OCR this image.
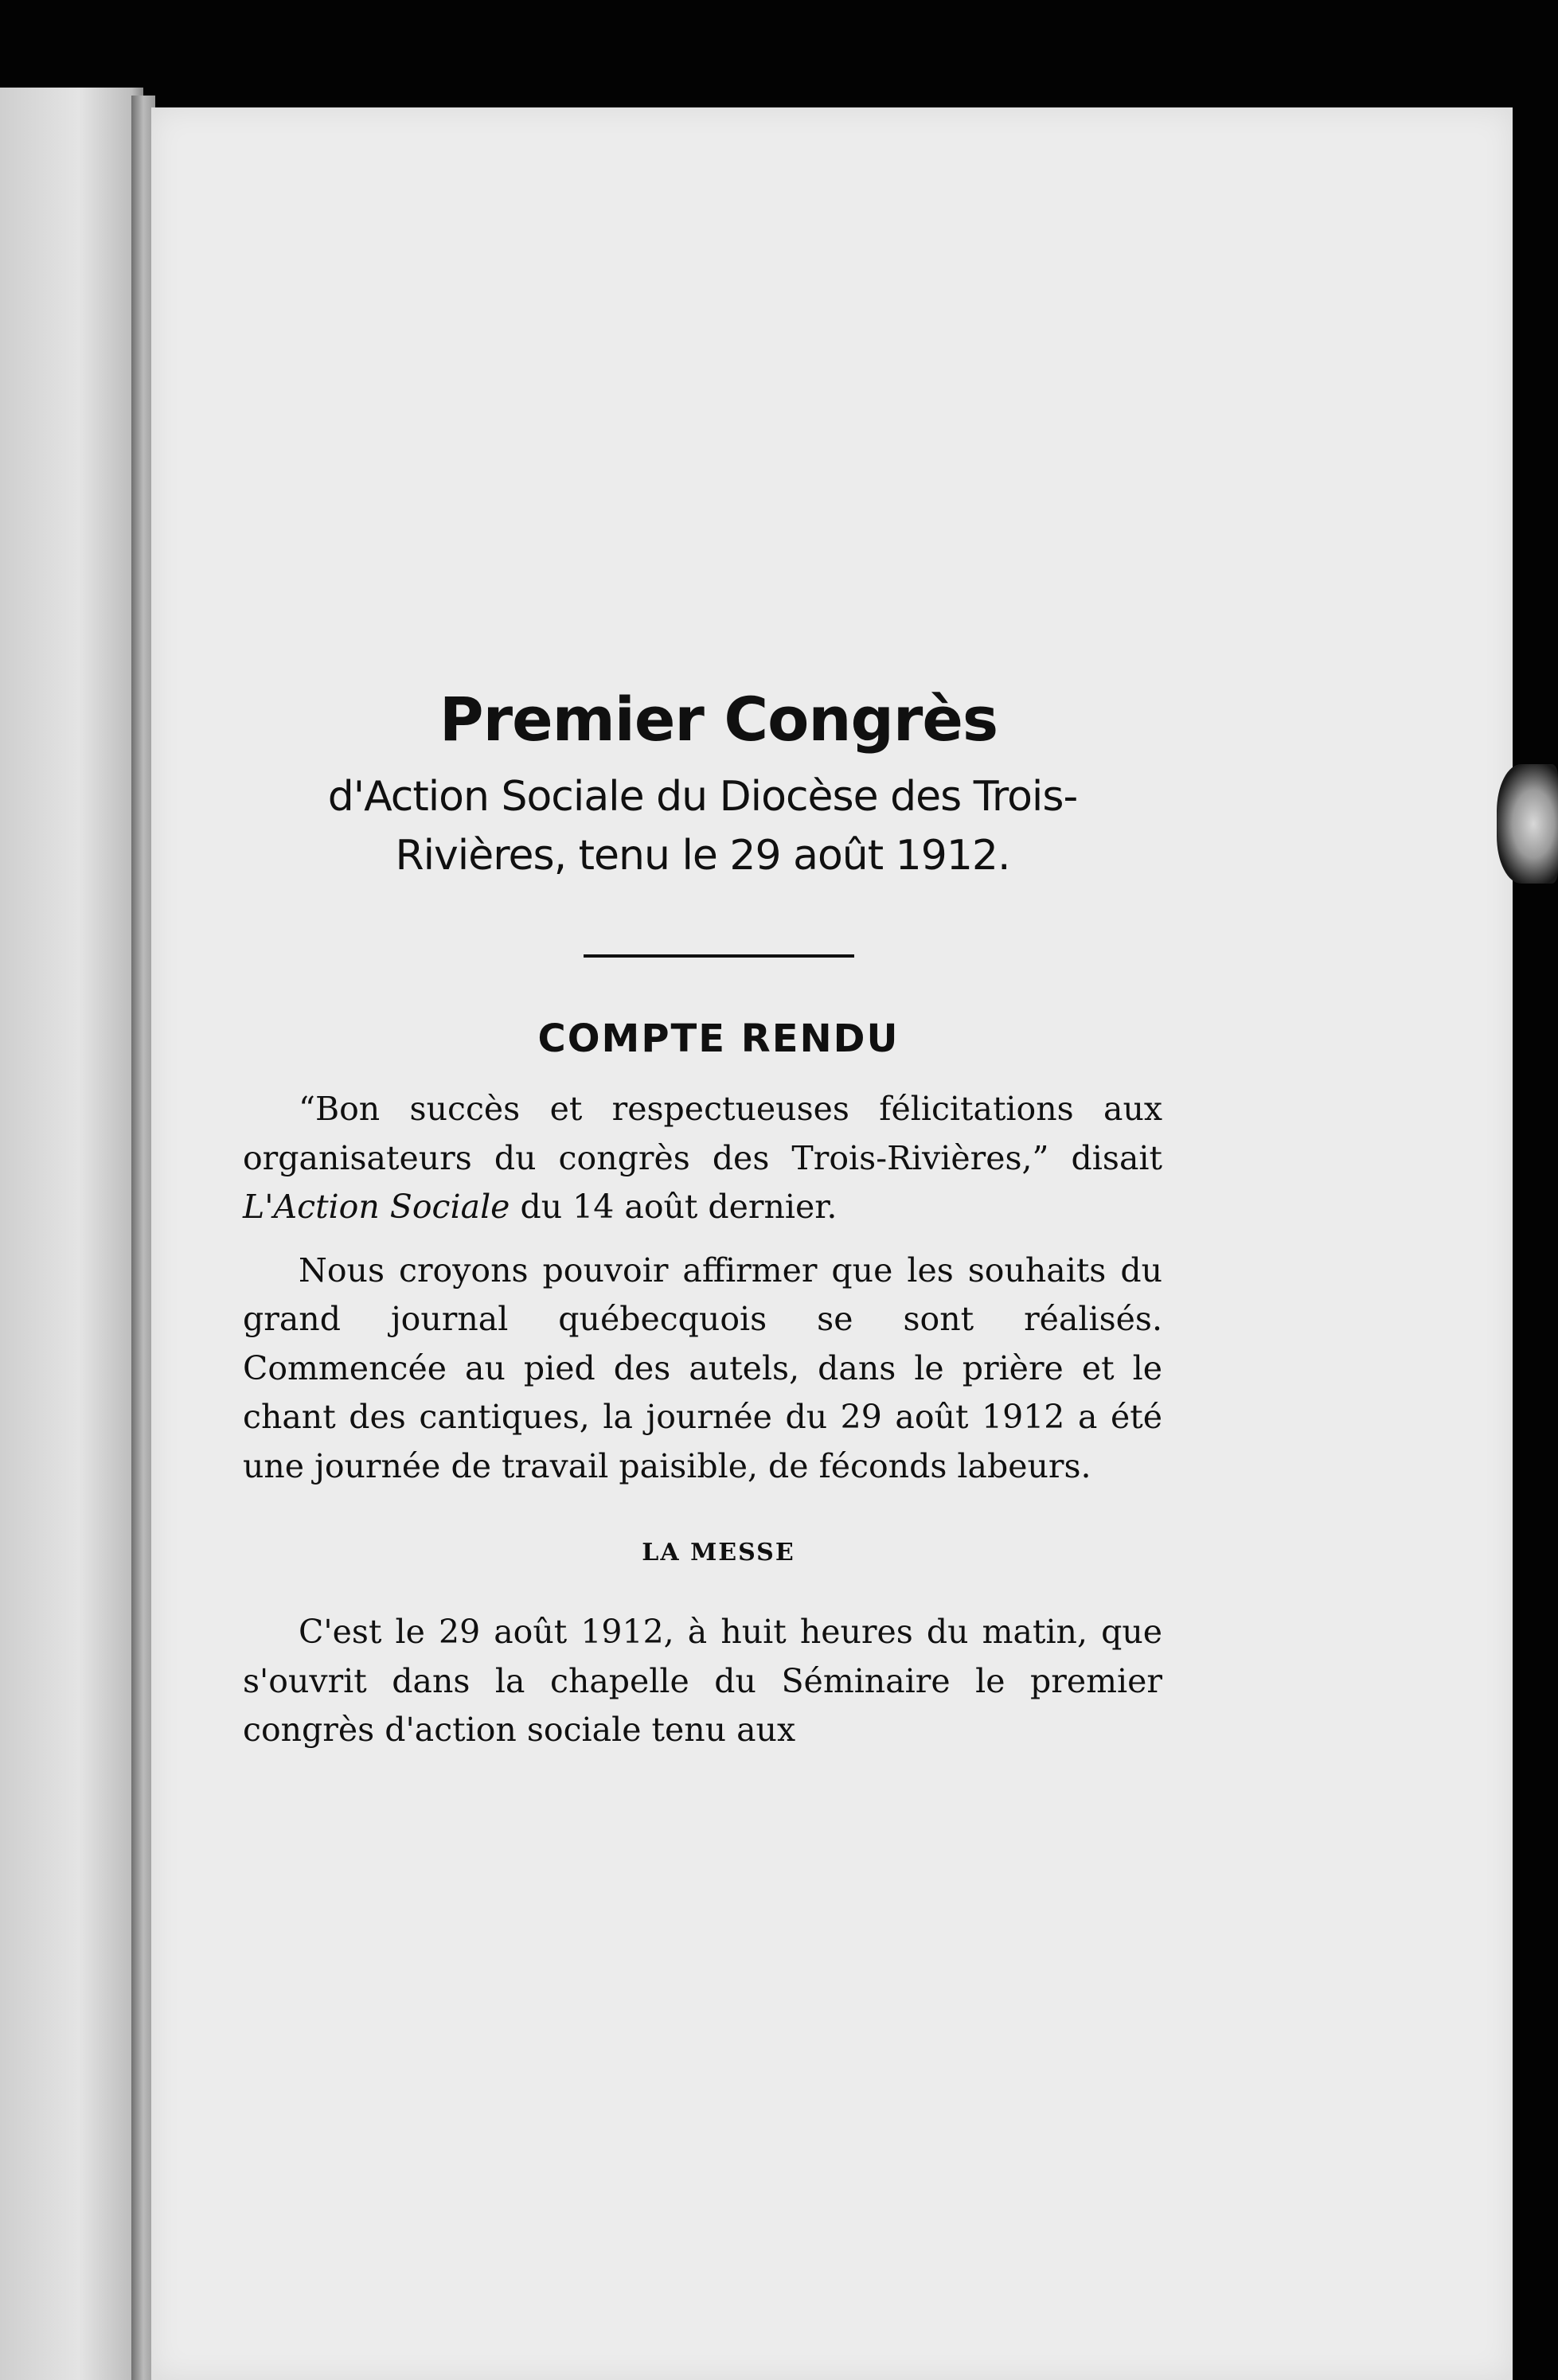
Premier Congrès

d'Action Sociale du Diocèse des Trois-Rivières, tenu le 29 août 1912.

COMPTE RENDU

“Bon succès et respectueuses félicitations aux organisateurs du congrès des Trois-Rivières,” disait L'Action Sociale du 14 août dernier.

Nous croyons pouvoir affirmer que les souhaits du grand journal québecquois se sont réalisés. Commencée au pied des autels, dans le prière et le chant des cantiques, la journée du 29 août 1912 a été une journée de travail paisible, de féconds labeurs.

LA MESSE

C'est le 29 août 1912, à huit heures du matin, que s'ouvrit dans la chapelle du Séminaire le premier congrès d'action sociale tenu aux
